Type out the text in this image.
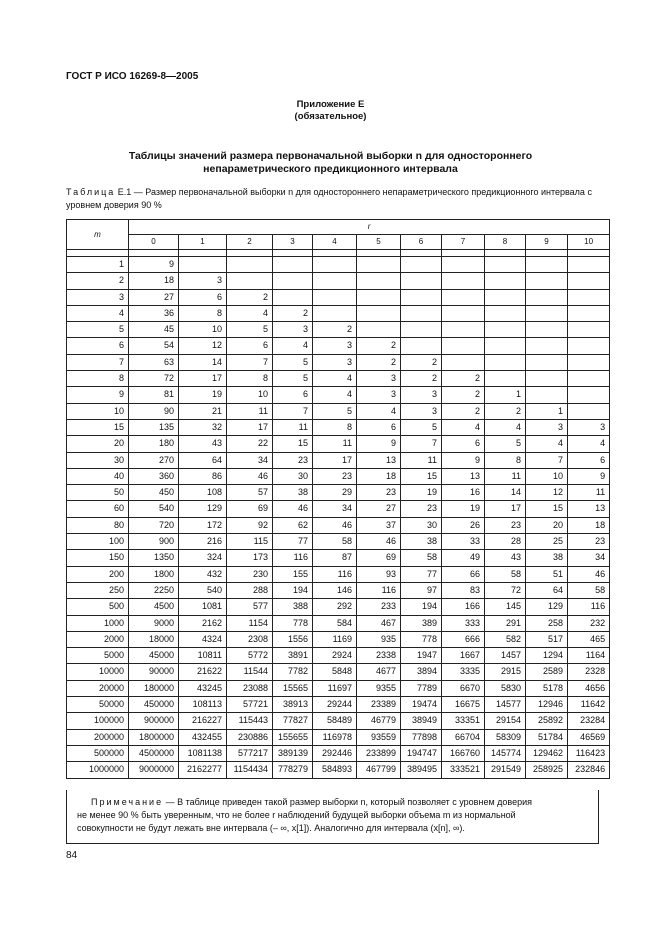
ГОСТ Р ИСО 16269-8—2005
Приложение Е
(обязательное)
Таблицы значений размера первоначальной выборки n для одностороннего
непараметрического предикционного интервала
Таблица Е.1 — Размер первоначальной выборки n для одностороннего непараметрического предикционного интервала с уровнем доверия 90 %
m	r										
	0	1	2	3	4	5	6	7	8	9	10

1	9										
2	18	3									
3	27	6	2								
4	36	8	4	2							
5	45	10	5	3	2						
6	54	12	6	4	3	2					
7	63	14	7	5	3	2	2				
8	72	17	8	5	4	3	2	2			
9	81	19	10	6	4	3	3	2	1		
10	90	21	11	7	5	4	3	2	2	1	
15	135	32	17	11	8	6	5	4	4	3	3
20	180	43	22	15	11	9	7	6	5	4	4
30	270	64	34	23	17	13	11	9	8	7	6
40	360	86	46	30	23	18	15	13	11	10	9
50	450	108	57	38	29	23	19	16	14	12	11
60	540	129	69	46	34	27	23	19	17	15	13
80	720	172	92	62	46	37	30	26	23	20	18
100	900	216	115	77	58	46	38	33	28	25	23
150	1350	324	173	116	87	69	58	49	43	38	34
200	1800	432	230	155	116	93	77	66	58	51	46
250	2250	540	288	194	146	116	97	83	72	64	58
500	4500	1081	577	388	292	233	194	166	145	129	116
1000	9000	2162	1154	778	584	467	389	333	291	258	232
2000	18000	4324	2308	1556	1169	935	778	666	582	517	465
5000	45000	10811	5772	3891	2924	2338	1947	1667	1457	1294	1164
10000	90000	21622	11544	7782	5848	4677	3894	3335	2915	2589	2328
20000	180000	43245	23088	15565	11697	9355	7789	6670	5830	5178	4656
50000	450000	108113	57721	38913	29244	23389	19474	16675	14577	12946	11642
100000	900000	216227	115443	77827	58489	46779	38949	33351	29154	25892	23284
200000	1800000	432455	230886	155655	116978	93559	77898	66704	58309	51784	46569
500000	4500000	1081138	577217	389139	292446	233899	194747	166760	145774	129462	116423
1000000	9000000	2162277	1154434	778279	584893	467799	389495	333521	291549	258925	232846
Примечание — В таблице приведен такой размер выборки n, который позволяет с уровнем доверия
не менее 90 % быть уверенным, что не более r наблюдений будущей выборки объема m из нормальной
совокупности не будут лежать вне интервала (– ∞, x[1]). Аналогично для интервала (x[n], ∞).
84
